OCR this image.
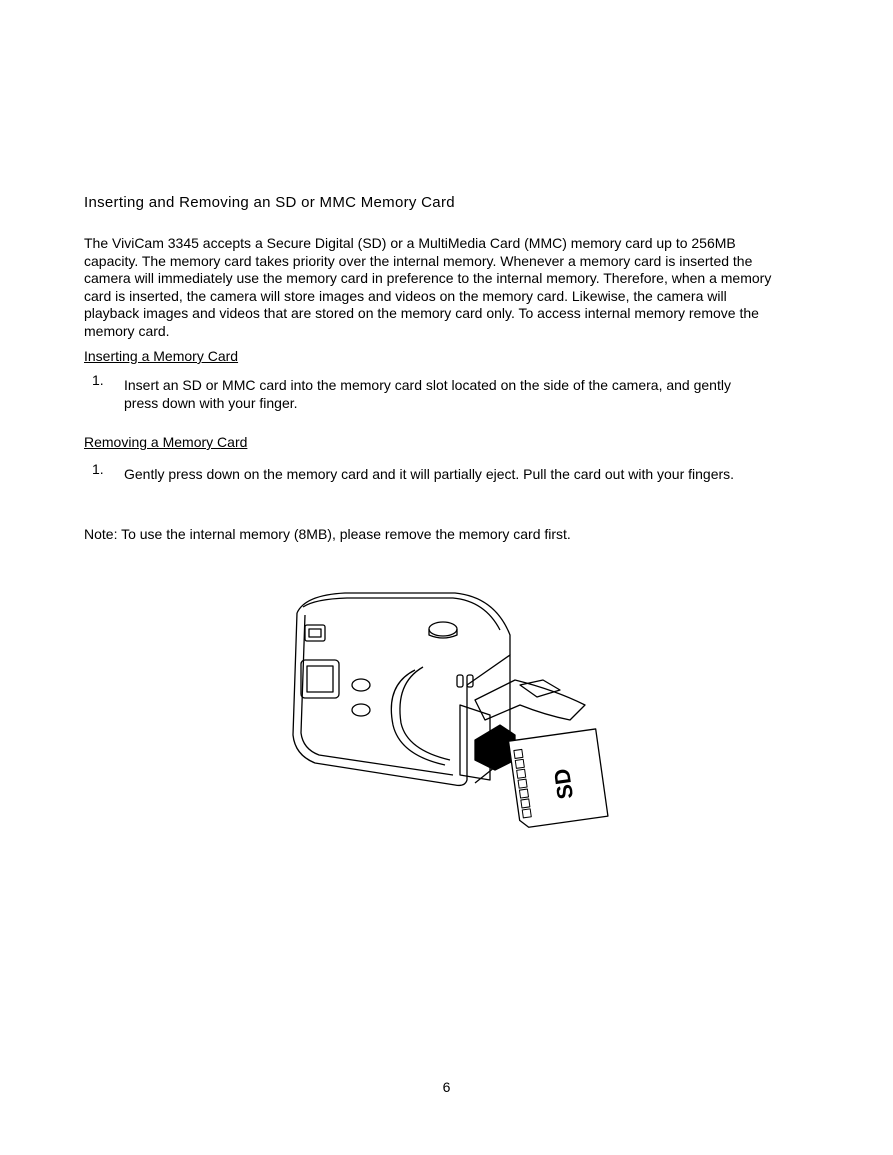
Inserting and Removing an SD or MMC Memory Card
The ViviCam 3345 accepts a Secure Digital (SD) or a MultiMedia Card (MMC) memory card up to 256MB
capacity. The memory card takes priority over the internal memory. Whenever a memory card is inserted the
camera will immediately use the memory card in preference to the internal memory. Therefore, when a memory
card is inserted, the camera will store images and videos on the memory card. Likewise, the camera will
playback images and videos that are stored on the memory card only. To access internal memory remove the
memory card.
Inserting a Memory Card
1. Insert an SD or MMC card into the memory card slot located on the side of the camera, and gently
press down with your finger.
Removing a Memory Card
1. Gently press down on the memory card and it will partially eject. Pull the card out with your fingers.
Note: To use the internal memory (8MB), please remove the memory card first.
SD
6
